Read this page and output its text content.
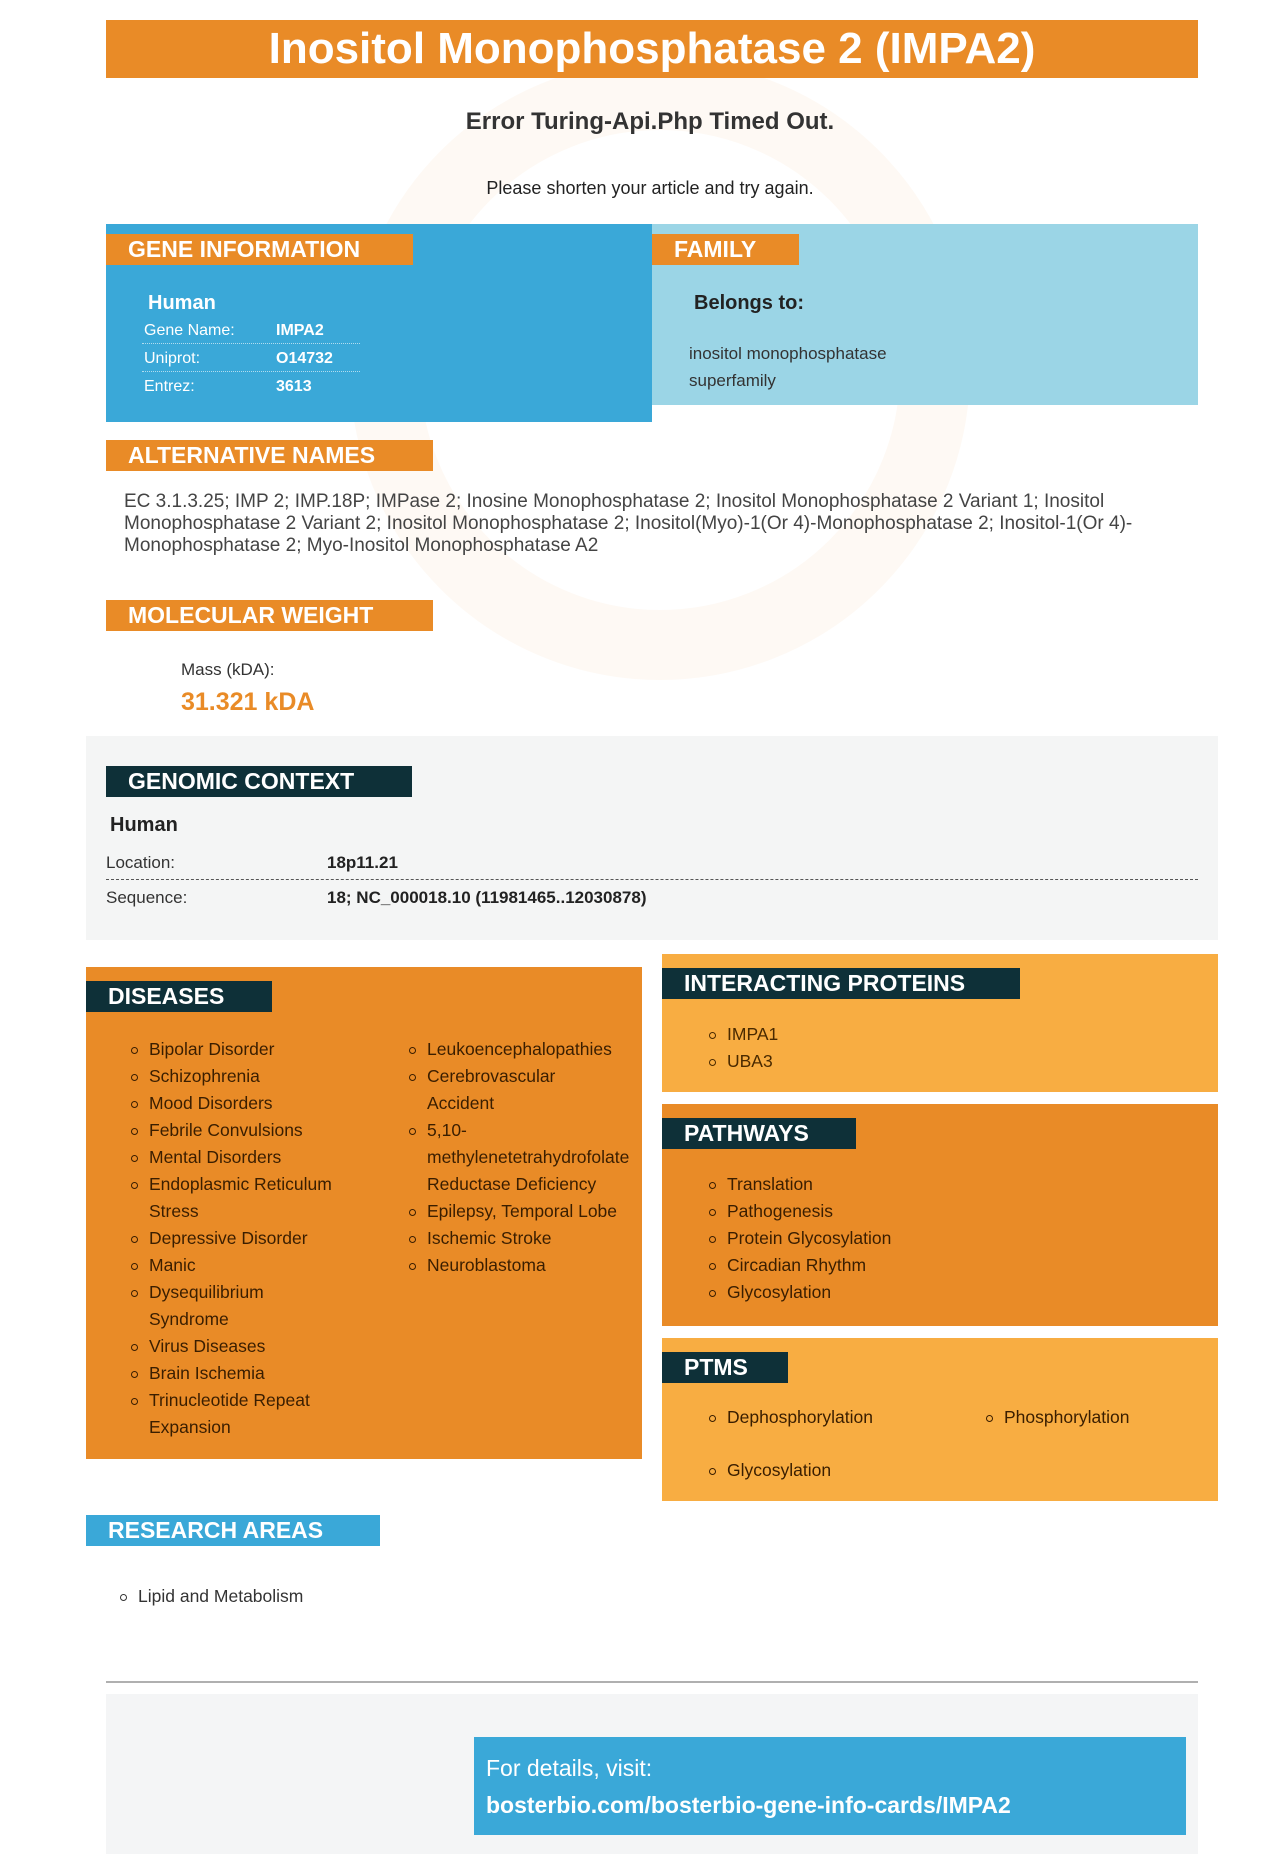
Inositol Monophosphatase 2 (IMPA2)
Error Turing-Api.Php Timed Out.
Please shorten your article and try again.
GENE INFORMATION
Human
Gene Name:	IMPA2
Uniprot:	O14732
Entrez:	3613
FAMILY
Belongs to:
inositol monophosphatase superfamily
ALTERNATIVE NAMES
EC 3.1.3.25; IMP 2; IMP.18P; IMPase 2; Inosine Monophosphatase 2; Inositol Monophosphatase 2 Variant 1; Inositol Monophosphatase 2 Variant 2; Inositol Monophosphatase 2; Inositol(Myo)-1(Or 4)-Monophosphatase 2; Inositol-1(Or 4)-Monophosphatase 2; Myo-Inositol Monophosphatase A2
MOLECULAR WEIGHT
Mass (kDA):
31.321 kDA
GENOMIC CONTEXT
Human
Location:	18p11.21
Sequence:	18; NC_000018.10 (11981465..12030878)
DISEASES
Bipolar Disorder
Schizophrenia
Mood Disorders
Febrile Convulsions
Mental Disorders
Endoplasmic Reticulum Stress
Depressive Disorder
Manic
Dysequilibrium Syndrome
Virus Diseases
Brain Ischemia
Trinucleotide Repeat Expansion
Leukoencephalopathies
Cerebrovascular Accident
5,10-methylenetetrahydrofolate Reductase Deficiency
Epilepsy, Temporal Lobe
Ischemic Stroke
Neuroblastoma
INTERACTING PROTEINS
IMPA1
UBA3
PATHWAYS
Translation
Pathogenesis
Protein Glycosylation
Circadian Rhythm
Glycosylation
PTMS
Dephosphorylation
Glycosylation
Phosphorylation
RESEARCH AREAS
Lipid and Metabolism
For details, visit:
bosterbio.com/bosterbio-gene-info-cards/IMPA2
